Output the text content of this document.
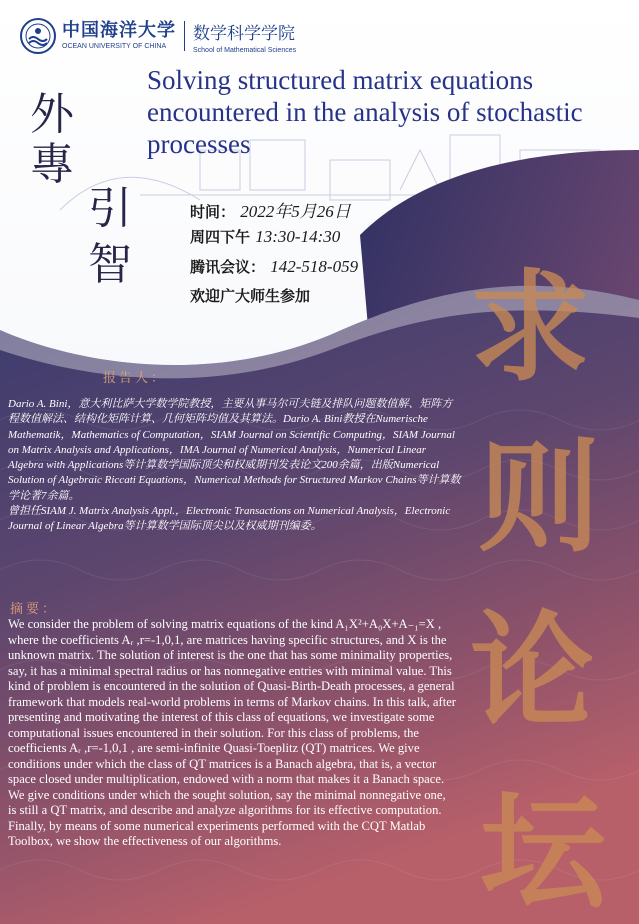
中国海洋大学
OCEAN UNIVERSITY OF CHINA
数学科学学院
School of Mathematical Sciences
Solving structured matrix equations
encountered in the analysis of stochastic
processes
外
專
引
智	求
则
论
坛
时间： 2022年5月26日
周四下午 13:30-14:30
腾讯会议： 142-518-059
欢迎广大师生参加
报告人：
Dario A. Bini，意大利比萨大学数学院教授，主要从事马尔可夫链及排队问题数值解、矩阵方程数值解法、结构化矩阵计算、几何矩阵均值及其算法。Dario A. Bini教授在Numerische Mathematik，Mathematics of Computation，SIAM Journal on Scientific Computing，SIAM Journal on Matrix Analysis and Applications，IMA Journal of Numerical Analysis，Numerical Linear Algebra with Applications等计算数学国际顶尖和权威期刊发表论文200余篇，出版Numerical Solution of Algebraic Riccati Equations，Numerical Methods for Structured Markov Chains等计算数学论著7余篇。
曾担任SIAM J. Matrix Analysis Appl.，Electronic Transactions on Numerical Analysis，Electronic Journal of Linear Algebra等计算数学国际顶尖以及权威期刊编委。
摘要：

We consider the problem of solving matrix equations of the kind A₁X²+A₀X+A₋₁=X , where the coefficients Aᵣ ,r=-1,0,1, are matrices having specific structures, and X is the unknown matrix. The solution of interest is the one that has some minimality properties, say, it has a minimal spectral radius or has nonnegative entries with minimal value. This kind of problem is encountered in the solution of Quasi-Birth-Death processes, a general framework that models real-world problems in terms of Markov chains. In this talk, after presenting and motivating the interest of this class of equations, we investigate some computational issues encountered in their solution. For this class of problems, the coefficients Aᵣ ,r=-1,0,1 , are semi-infinite Quasi-Toeplitz (QT) matrices. We give conditions under which the class of QT matrices is a Banach algebra, that is, a vector space closed under multiplication, endowed with a norm that makes it a Banach space. We give conditions under which the sought solution, say the minimal nonnegative one, is still a QT matrix, and describe and analyze algorithms for its effective computation. Finally, by means of some numerical experiments performed with the CQT Matlab Toolbox, we show the effectiveness of our algorithms.
